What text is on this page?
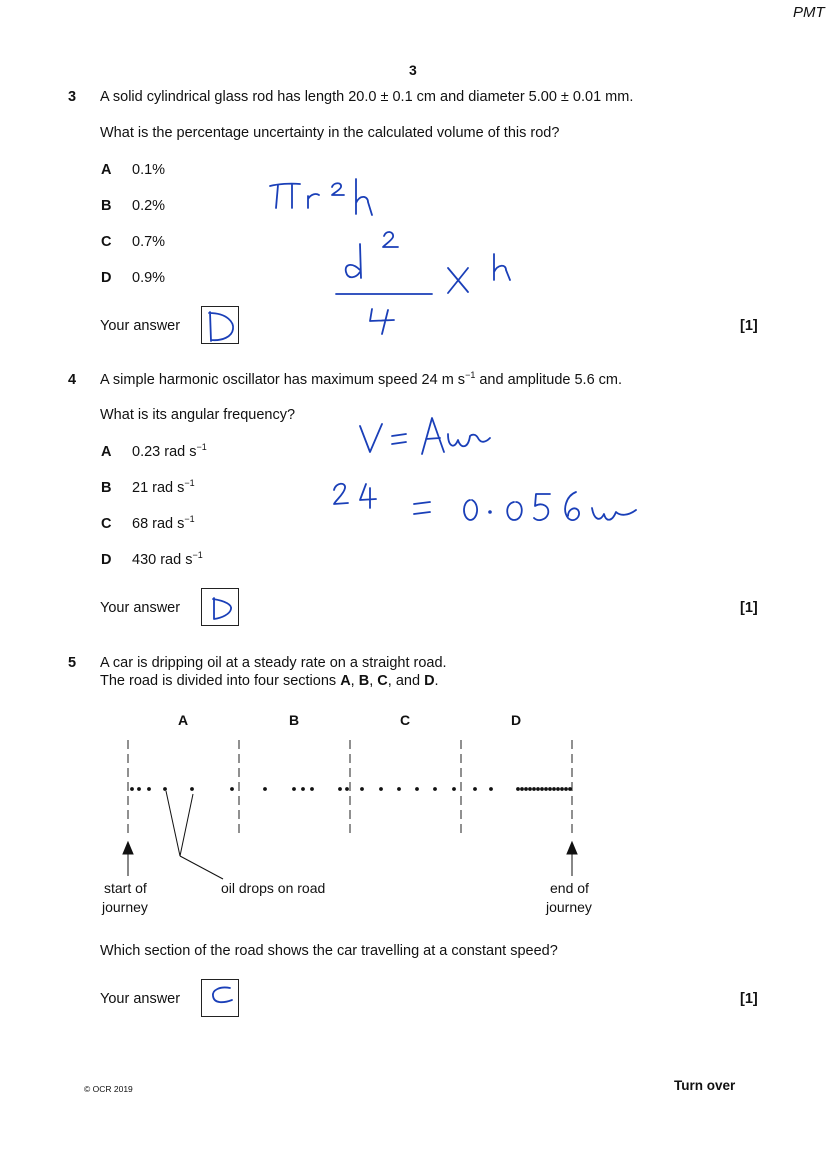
PMT
3
3 A solid cylindrical glass rod has length 20.0 ± 0.1 cm and diameter 5.00 ± 0.01 mm.
What is the percentage uncertainty in the calculated volume of this rod?
A 0.1%
B 0.2%
C 0.7%
D 0.9%
Your answer	[1]
4 A simple harmonic oscillator has maximum speed 24 m $s^{-1}$ and amplitude 5.6 cm.
What is its angular frequency?
A 0.23 rad $s^{-1}$
B 21 rad $s^{-1}$
C 68 rad $s^{-1}$
D 430 rad $s^{-1}$
Your answer	[1]
5 A car is dripping oil at a steady rate on a straight road.
The road is divided into four sections A, B, C, and D.
A	B	C	D
start of
journey
oil drops on road	end of
journey
Which section of the road shows the car travelling at a constant speed?
Your answer	[1]
© OCR 2019	Turn over
